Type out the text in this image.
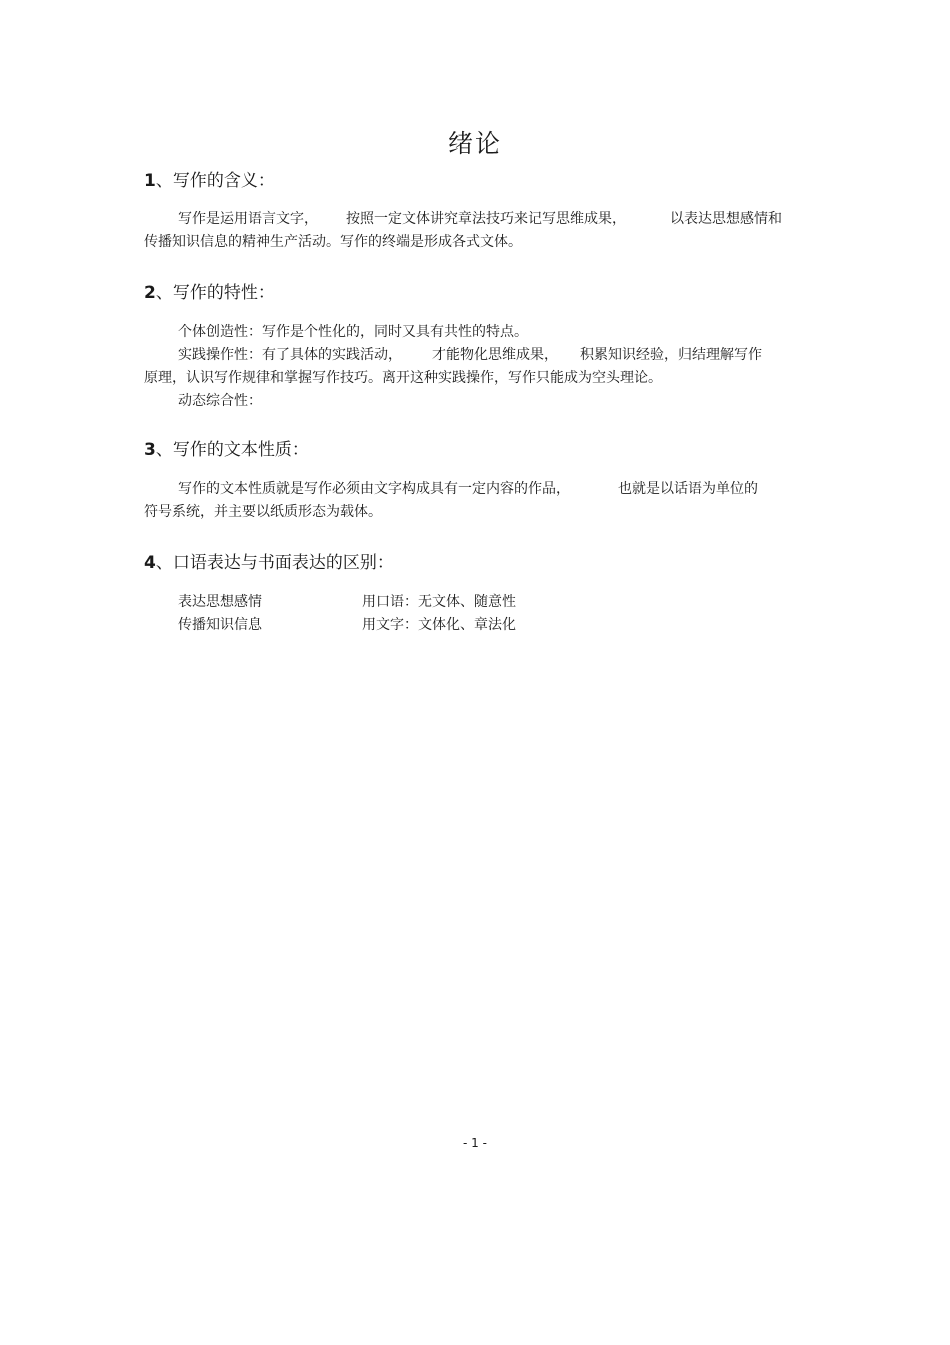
绪论
1、写作的含义：
写作是运用语言文字， 按照一定文体讲究章法技巧来记写思维成果，	以表达思想感情和
传播知识信息的精神生产活动。写作的终端是形成各式文体。
2、写作的特性：
个体创造性：写作是个性化的，同时又具有共性的特点。
实践操作性：有了具体的实践活动， 才能物化思维成果， 积累知识经验，归结理解写作
原理，认识写作规律和掌握写作技巧。离开这种实践操作，写作只能成为空头理论。
动态综合性：
3、写作的文本性质：
写作的文本性质就是写作必须由文字构成具有一定内容的作品，	也就是以话语为单位的
符号系统，并主要以纸质形态为载体。
4、口语表达与书面表达的区别：
表达思想感情	用口语：无文体、随意性
传播知识信息	用文字：文体化、章法化
- 1 -
